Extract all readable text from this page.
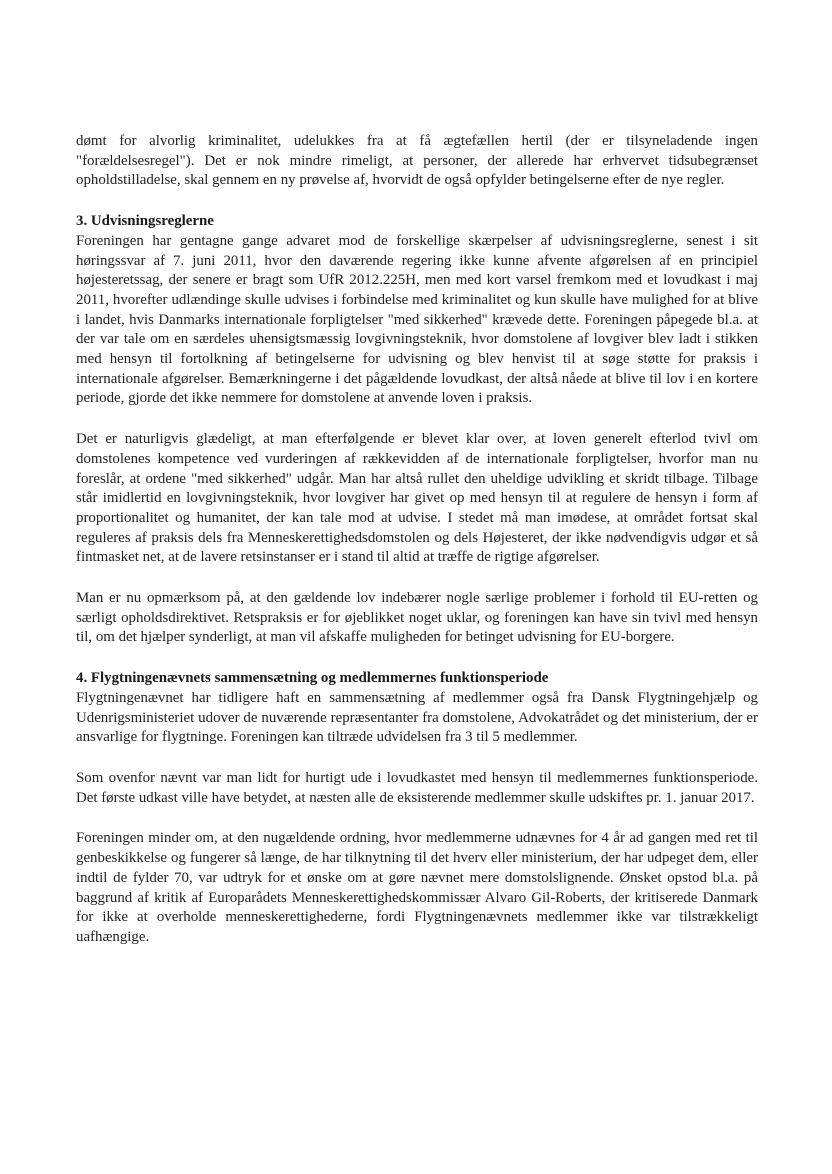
dømt for alvorlig kriminalitet, udelukkes fra at få ægtefællen hertil (der er tilsyneladende ingen "forældelsesregel"). Det er nok mindre rimeligt, at personer, der allerede har erhvervet tidsubegrænset opholdstilladelse, skal gennem en ny prøvelse af, hvorvidt de også opfylder betingelserne efter de nye regler.

3. Udvisningsreglerne

Foreningen har gentagne gange advaret mod de forskellige skærpelser af udvisningsreglerne, senest i sit høringssvar af 7. juni 2011, hvor den daværende regering ikke kunne afvente afgørelsen af en principiel højesteretssag, der senere er bragt som UfR 2012.225H, men med kort varsel fremkom med et lovudkast i maj 2011, hvorefter udlændinge skulle udvises i forbindelse med kriminalitet og kun skulle have mulighed for at blive i landet, hvis Danmarks internationale forpligtelser "med sikkerhed" krævede dette. Foreningen påpegede bl.a. at der var tale om en særdeles uhensigtsmæssig lovgivningsteknik, hvor domstolene af lovgiver blev ladt i stikken med hensyn til fortolkning af betingelserne for udvisning og blev henvist til at søge støtte for praksis i internationale afgørelser. Bemærkningerne i det pågældende lovudkast, der altså nåede at blive til lov i en kortere periode, gjorde det ikke nemmere for domstolene at anvende loven i praksis.

Det er naturligvis glædeligt, at man efterfølgende er blevet klar over, at loven generelt efterlod tvivl om domstolenes kompetence ved vurderingen af rækkevidden af de internationale forpligtelser, hvorfor man nu foreslår, at ordene "med sikkerhed" udgår. Man har altså rullet den uheldige udvikling et skridt tilbage. Tilbage står imidlertid en lovgivningsteknik, hvor lovgiver har givet op med hensyn til at regulere de hensyn i form af proportionalitet og humanitet, der kan tale mod at udvise. I stedet må man imødese, at området fortsat skal reguleres af praksis dels fra Menneskerettighedsdomstolen og dels Højesteret, der ikke nødvendigvis udgør et så fintmasket net, at de lavere retsinstanser er i stand til altid at træffe de rigtige afgørelser.

Man er nu opmærksom på, at den gældende lov indebærer nogle særlige problemer i forhold til EU-retten og særligt opholdsdirektivet. Retspraksis er for øjeblikket noget uklar, og foreningen kan have sin tvivl med hensyn til, om det hjælper synderligt, at man vil afskaffe muligheden for betinget udvisning for EU-borgere.

4. Flygtningenævnets sammensætning og medlemmernes funktionsperiode

Flygtningenævnet har tidligere haft en sammensætning af medlemmer også fra Dansk Flygtningehjælp og Udenrigsministeriet udover de nuværende repræsentanter fra domstolene, Advokatrådet og det ministerium, der er ansvarlige for flygtninge. Foreningen kan tiltræde udvidelsen fra 3 til 5 medlemmer.

Som ovenfor nævnt var man lidt for hurtigt ude i lovudkastet med hensyn til medlemmernes funktionsperiode. Det første udkast ville have betydet, at næsten alle de eksisterende medlemmer skulle udskiftes pr. 1. januar 2017.

Foreningen minder om, at den nugældende ordning, hvor medlemmerne udnævnes for 4 år ad gangen med ret til genbeskikkelse og fungerer så længe, de har tilknytning til det hverv eller ministerium, der har udpeget dem, eller indtil de fylder 70, var udtryk for et ønske om at gøre nævnet mere domstolslignende. Ønsket opstod bl.a. på baggrund af kritik af Europarådets Menneskerettighedskommissær Alvaro Gil-Roberts, der kritiserede Danmark for ikke at overholde menneskerettighederne, fordi Flygtningenævnets medlemmer ikke var tilstrækkeligt uafhængige.
